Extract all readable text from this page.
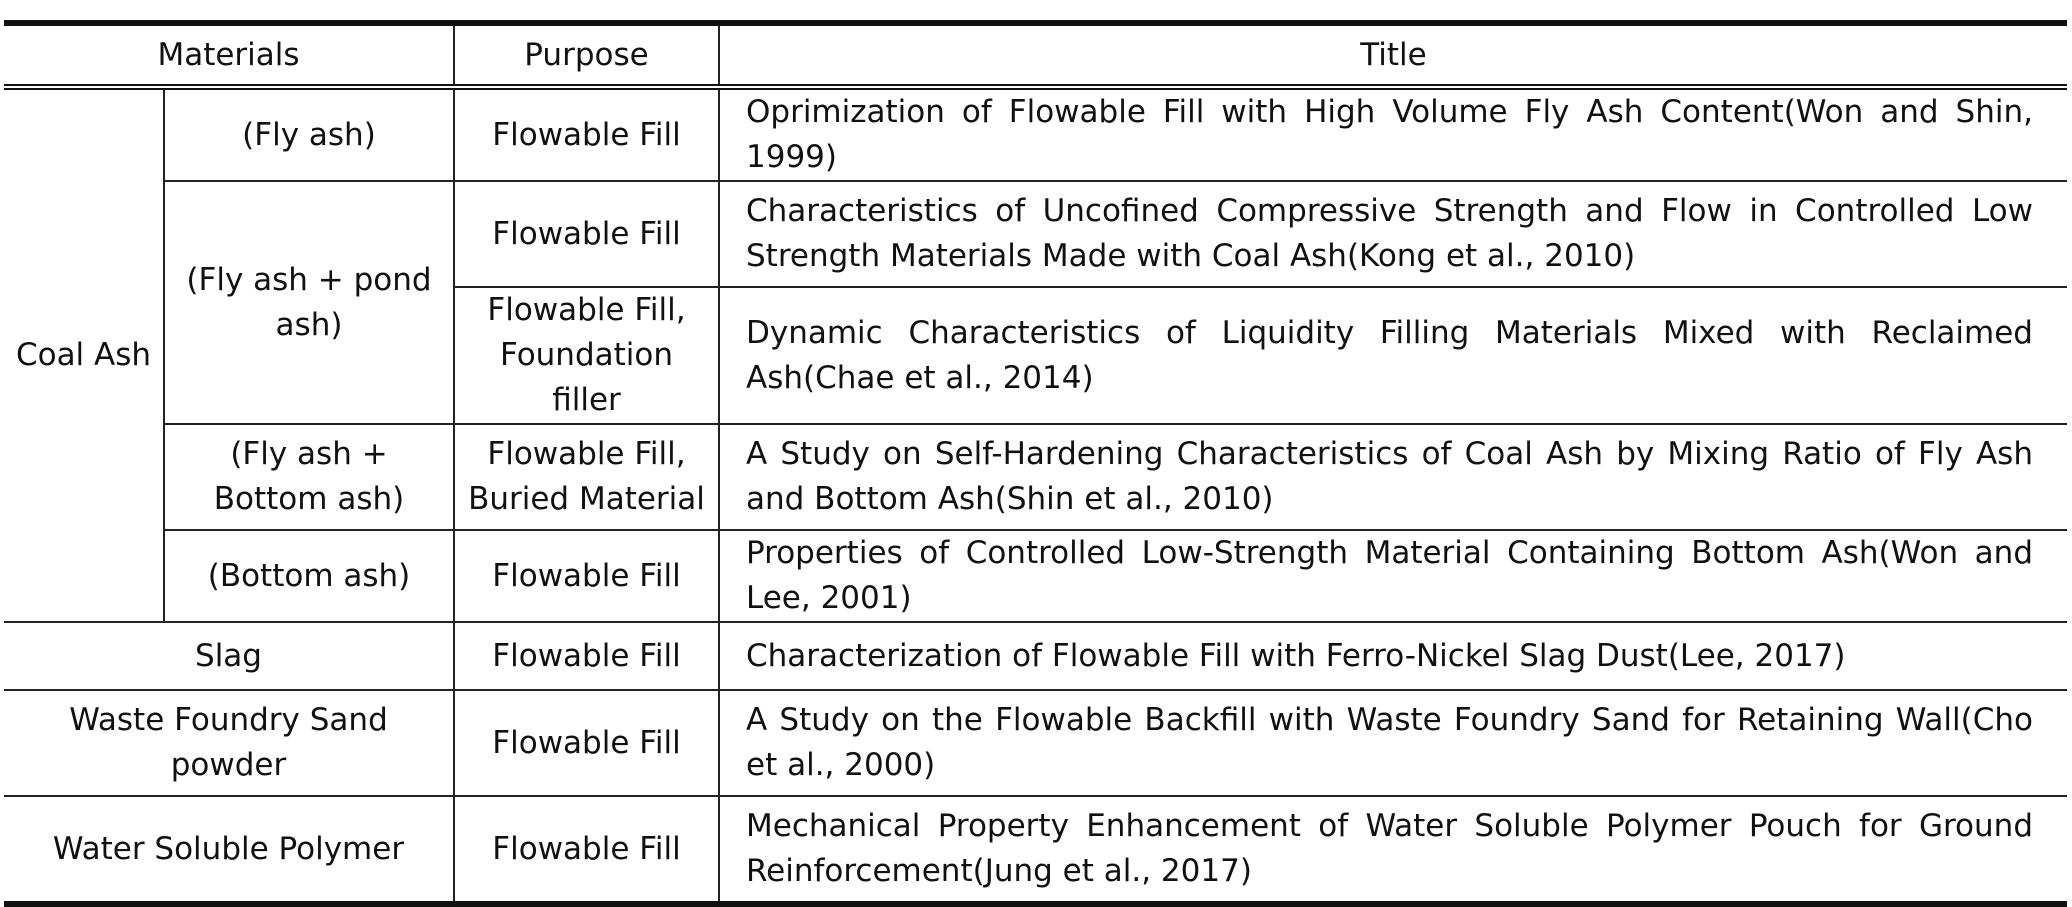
Materials		Purpose	Title
Coal Ash	(Fly ash)	Flowable Fill	Oprimization of Flowable Fill with High Volume Fly Ash Content(Won and Shin, 1999)
	(Fly ash + pond ash)	Flowable Fill	Characteristics of Uncofined Compressive Strength and Flow in Controlled Low Strength Materials Made with Coal Ash(Kong et al., 2010)
		Flowable Fill, Foundation filler	Dynamic Characteristics of Liquidity Filling Materials Mixed with Reclaimed Ash(Chae et al., 2014)
	(Fly ash + Bottom ash)	Flowable Fill, Buried Material	A Study on Self-Hardening Characteristics of Coal Ash by Mixing Ratio of Fly Ash and Bottom Ash(Shin et al., 2010)
	(Bottom ash)	Flowable Fill	Properties of Controlled Low-Strength Material Containing Bottom Ash(Won and Lee, 2001)
Slag		Flowable Fill	Characterization of Flowable Fill with Ferro-Nickel Slag Dust(Lee, 2017)
Waste Foundry Sand powder		Flowable Fill	A Study on the Flowable Backfill with Waste Foundry Sand for Retaining Wall(Cho et al., 2000)
Water Soluble Polymer		Flowable Fill	Mechanical Property Enhancement of Water Soluble Polymer Pouch for Ground Reinforcement(Jung et al., 2017)
